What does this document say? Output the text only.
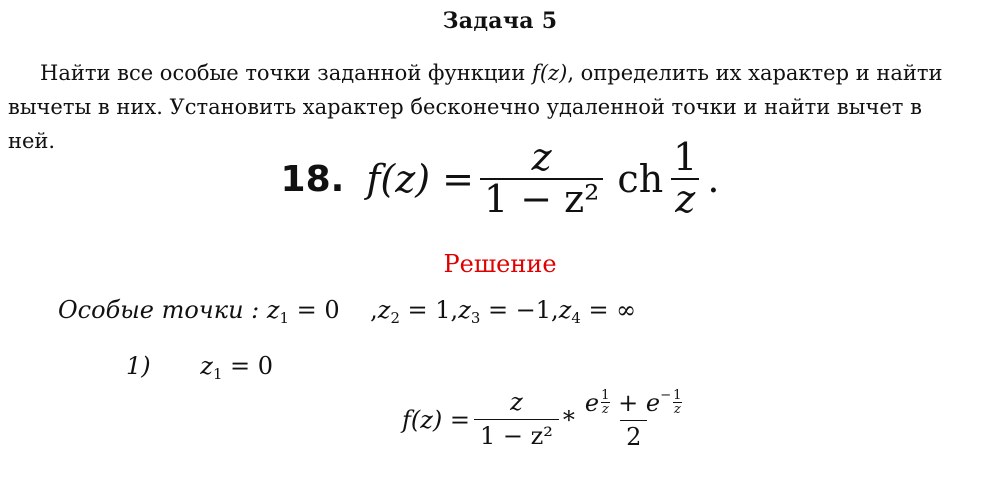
Задача 5
Найти все особые точки заданной функции f(z), определить их характер и найти вычеты в них. Установить характер бесконечно удаленной точки и найти вычет в ней.
18. $f(z) = \frac{z}{\text{1 − z²}}$ ch $\frac{1}{z}$ .
Решение
Особые точки : $z_1 = 0$    $,z_2 = 1,z_3 = -1,z_4$ = ∞
1) $z_1 = 0$
$f(z) = \frac{z}{\text{1 − z²}}$ *
e $\frac{1}{z} + e^- \frac{1}{z}$
2
